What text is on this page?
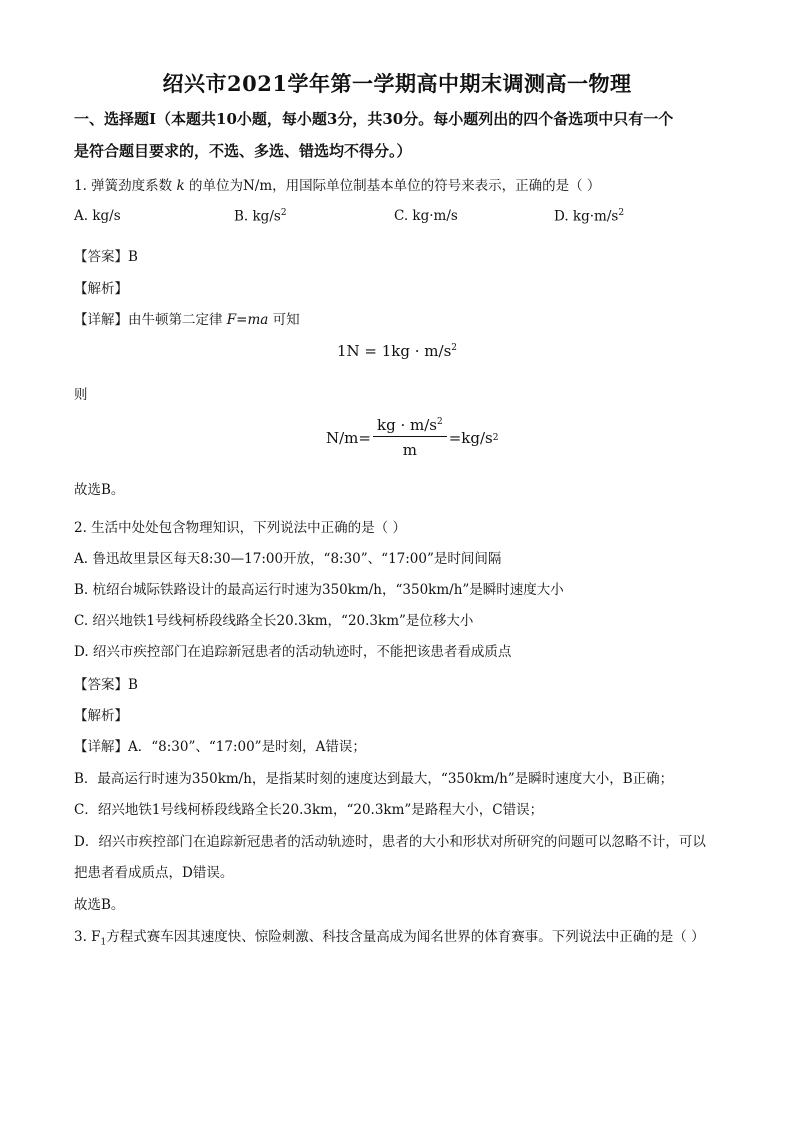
绍兴市2021学年第一学期高中期末调测高一物理
一、选择题Ⅰ（本题共10小题，每小题3分，共30分。每小题列出的四个备选项中只有一个
是符合题目要求的，不选、多选、错选均不得分。）
1. 弹簧劲度系数 k 的单位为N/m，用国际单位制基本单位的符号来表示，正确的是（ ）
A. kg/s	B. $kg/s^2$	C. kg·m/s	D. $kg\cdot m/s^2$
【答案】B
【解析】
【详解】由牛顿第二定律 F=ma 可知
$1N = 1kg \cdot m/s^2$
则
$N/m= \frac{kg \cdot m/s^2}{m} =kg/s$ 2
故选B。
2. 生活中处处包含物理知识，下列说法中正确的是（ ）
A. 鲁迅故里景区每天8:30—17:00开放，“8:30”、“17:00”是时间间隔
B. 杭绍台城际铁路设计的最高运行时速为350km/h，“350km/h”是瞬时速度大小
C. 绍兴地铁1号线柯桥段线路全长20.3km，“20.3km”是位移大小
D. 绍兴市疾控部门在追踪新冠患者的活动轨迹时，不能把该患者看成质点
【答案】B
【解析】
【详解】A．“8:30”、“17:00”是时刻，A错误；
B．最高运行时速为350km/h，是指某时刻的速度达到最大，“350km/h”是瞬时速度大小，B正确；
C．绍兴地铁1号线柯桥段线路全长20.3km，“20.3km”是路程大小，C错误；
D．绍兴市疾控部门在追踪新冠患者的活动轨迹时，患者的大小和形状对所研究的问题可以忽略不计，可以
把患者看成质点，D错误。
故选B。
3. $F_1$方程式赛车因其速度快、惊险刺激、科技含量高成为闻名世界的体育赛事。下列说法中正确的是（ ）
